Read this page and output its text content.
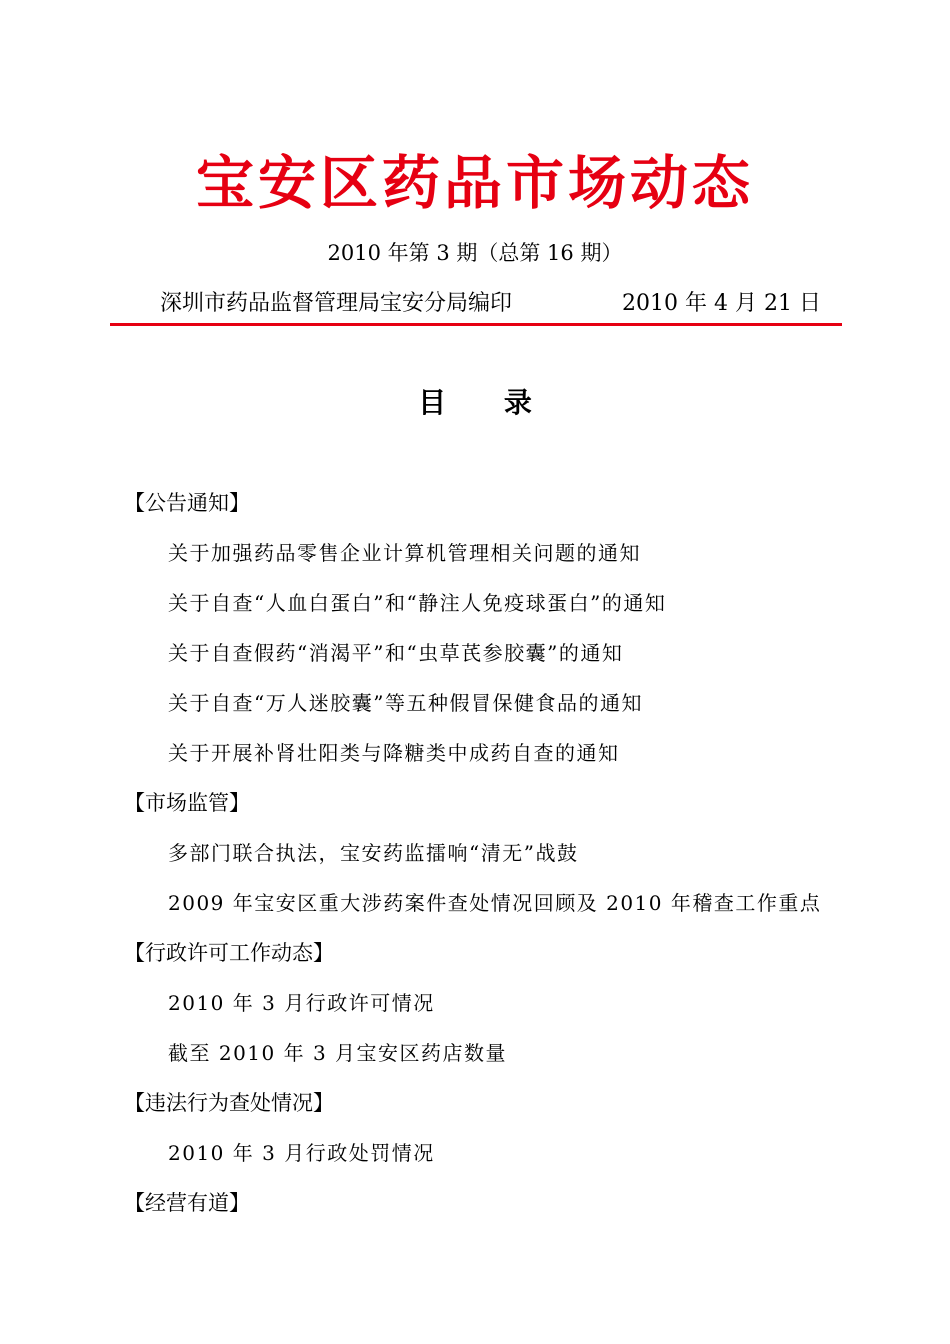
宝安区药品市场动态
2010 年第 3 期（总第 16 期）
深圳市药品监督管理局宝安分局编印	2010 年 4 月 21 日
目 录
【公告通知】
关于加强药品零售企业计算机管理相关问题的通知
关于自查“人血白蛋白”和“静注人免疫球蛋白”的通知
关于自查假药“消渴平”和“虫草芪参胶囊”的通知
关于自查“万人迷胶囊”等五种假冒保健食品的通知
关于开展补肾壮阳类与降糖类中成药自查的通知
【市场监管】
多部门联合执法，宝安药监擂响“清无”战鼓
2009 年宝安区重大涉药案件查处情况回顾及 2010 年稽查工作重点
【行政许可工作动态】
2010 年 3 月行政许可情况
截至 2010 年 3 月宝安区药店数量
【违法行为查处情况】
2010 年 3 月行政处罚情况
【经营有道】
